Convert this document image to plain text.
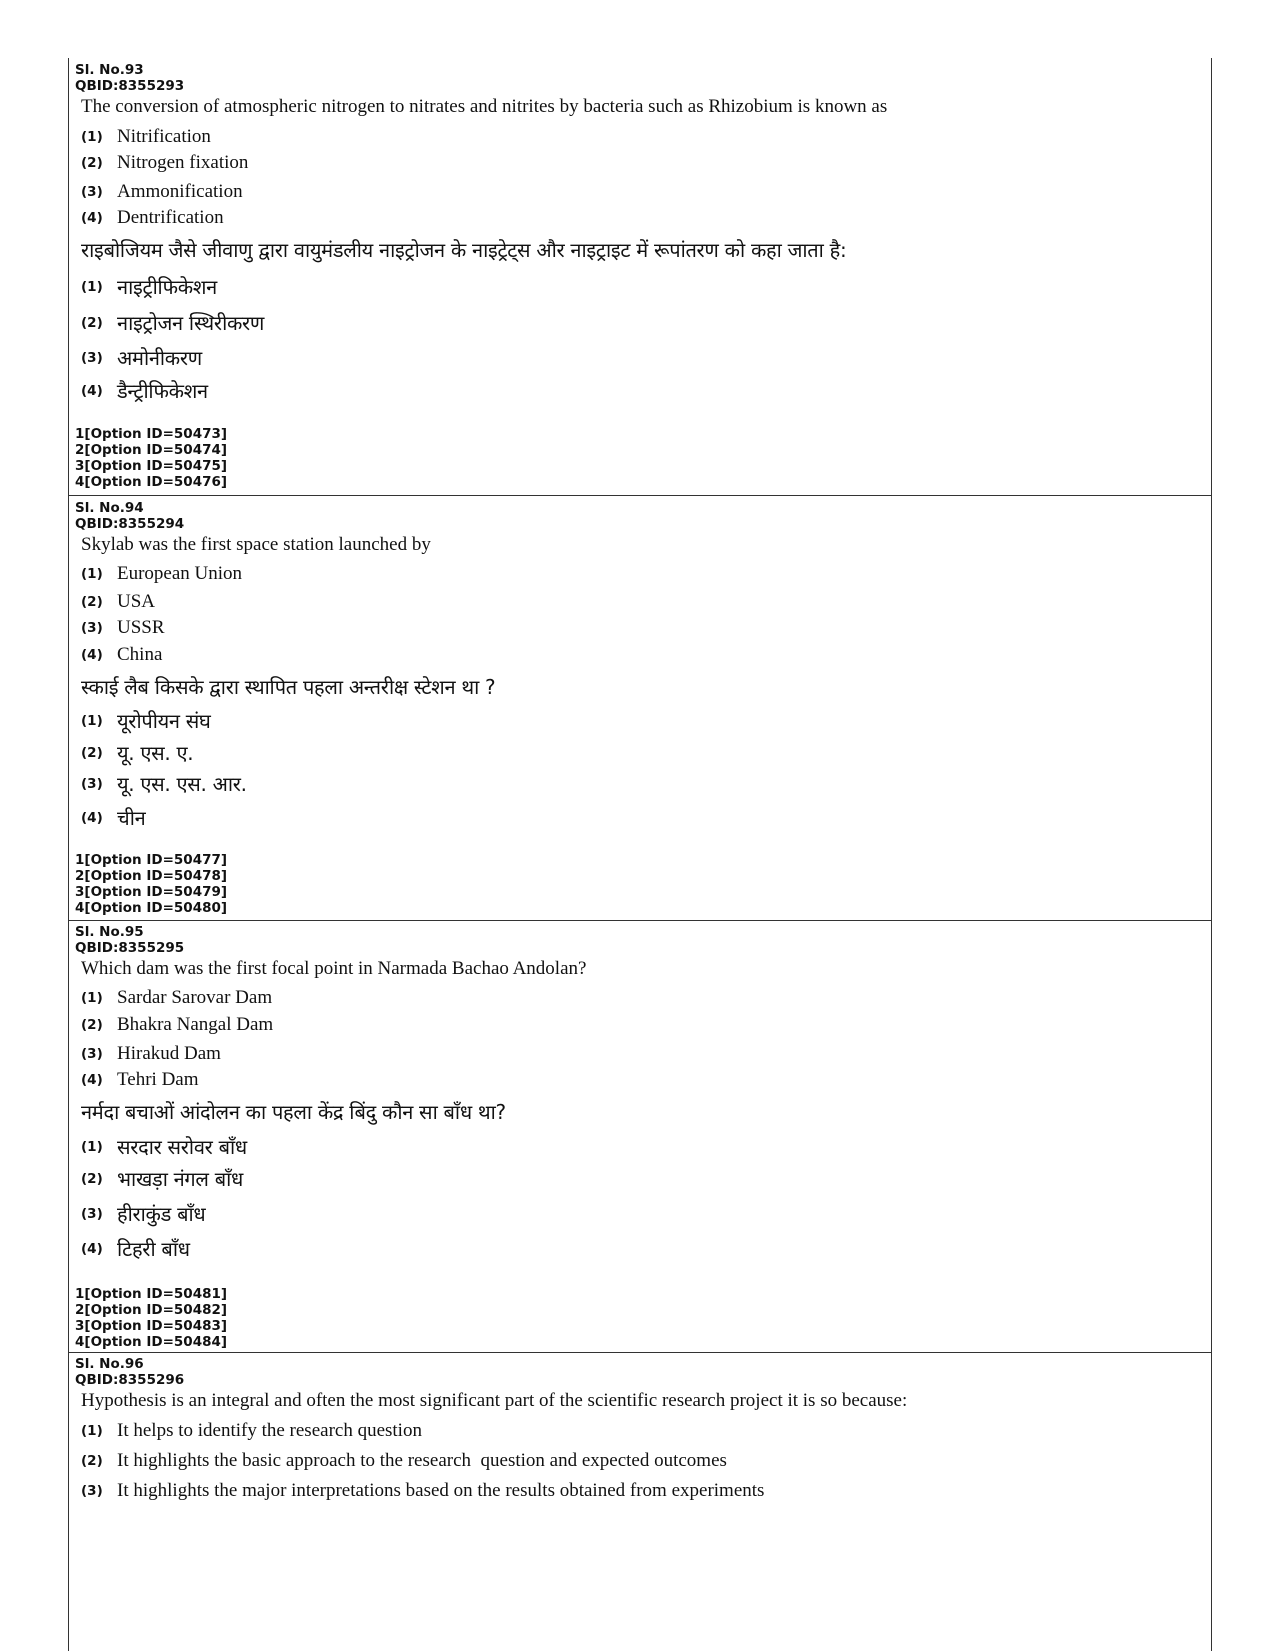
Sl. No.93
QBID:8355293
The conversion of atmospheric nitrogen to nitrates and nitrites by bacteria such as Rhizobium is known as
(1) Nitrification
(2) Nitrogen fixation
(3) Ammonification
(4) Dentrification
राइबोजियम जैसे जीवाणु द्वारा वायुमंडलीय नाइट्रोजन के नाइट्रेट्स और नाइट्राइट में रूपांतरण को कहा जाता है:
(1) नाइट्रीफिकेशन
(2) नाइट्रोजन स्थिरीकरण
(3) अमोनीकरण
(4) डैन्ट्रीफिकेशन
1[Option ID=50473]
2[Option ID=50474]
3[Option ID=50475]
4[Option ID=50476]
Sl. No.94
QBID:8355294
Skylab was the first space station launched by
(1) European Union
(2) USA
(3) USSR
(4) China
स्काई लैब किसके द्वारा स्थापित पहला अन्तरीक्ष स्टेशन था ?
(1) यूरोपीयन संघ
(2) यू. एस. ए.
(3) यू. एस. एस. आर.
(4) चीन
1[Option ID=50477]
2[Option ID=50478]
3[Option ID=50479]
4[Option ID=50480]
Sl. No.95
QBID:8355295
Which dam was the first focal point in Narmada Bachao Andolan?
(1) Sardar Sarovar Dam
(2) Bhakra Nangal Dam
(3) Hirakud Dam
(4) Tehri Dam
नर्मदा बचाओं आंदोलन का पहला केंद्र बिंदु कौन सा बाँध था?
(1) सरदार सरोवर बाँध
(2) भाखड़ा नंगल बाँध
(3) हीराकुंड बाँध
(4) टिहरी बाँध
1[Option ID=50481]
2[Option ID=50482]
3[Option ID=50483]
4[Option ID=50484]
Sl. No.96
QBID:8355296
Hypothesis is an integral and often the most significant part of the scientific research project it is so because:
(1) It helps to identify the research question
(2) It highlights the basic approach to the research  question and expected outcomes
(3) It highlights the major interpretations based on the results obtained from experiments
